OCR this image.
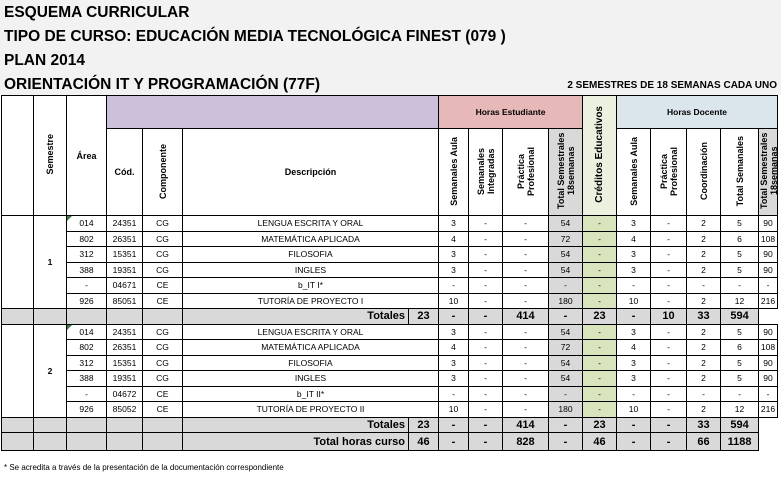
ESQUEMA CURRICULAR
TIPO DE CURSO: EDUCACIÓN MEDIA TECNOLÓGICA FINEST (079 )
PLAN 2014
ORIENTACIÓN IT Y PROGRAMACIÓN (77F)	2 SEMESTRES DE 18 SEMANAS CADA UNO
	Semestre	Área					Horas Estudiante				Créditos Educativos	Horas Docente				
			Cód.	Componente	Descripción		Semanales Aula	Semanales Integradas	Práctica Profesional	Total Semestrales 18semanas		Semanales Aula	Práctica Profesional	Coordinación	Total Semanales	Total Semestrales 18semanas
	1	014	24351	CG	LENGUA ESCRITA Y ORAL		3	-	-	54	-	3	-	2	5	90
		802	26351	CG	MATEMÁTICA APLICADA		4	-	-	72	-	4	-	2	6	108
		312	15351	CG	FILOSOFIA		3	-	-	54	-	3	-	2	5	90
		388	19351	CG	INGLES		3	-	-	54	-	3	-	2	5	90
		-	04671	CE	b_IT I*		-	-	-	-	-	-	-	-	-	-
		926	85051	CE	TUTORÍA DE PROYECTO I		10	-	-	180	-	10	-	2	12	216
					Totales	23	-	-	414	-	23	-	10	33	594	
	2	014	24351	CG	LENGUA ESCRITA Y ORAL		3	-	-	54	-	3	-	2	5	90
		802	26351	CG	MATEMÁTICA APLICADA		4	-	-	72	-	4	-	2	6	108
		312	15351	CG	FILOSOFIA		3	-	-	54	-	3	-	2	5	90
		388	19351	CG	INGLES		3	-	-	54	-	3	-	2	5	90
		-	04672	CE	b_IT II*		-	-	-	-	-	-	-	-	-	-
		926	85052	CE	TUTORÍA DE PROYECTO II		10	-	-	180	-	10	-	2	12	216
					Totales	23	-	-	414	-	23	-	-	33	594	
					Total horas curso	46	-	-	828	-	46	-	-	66	1188	
* Se acredita a través de la presentación de la documentación correspondiente
